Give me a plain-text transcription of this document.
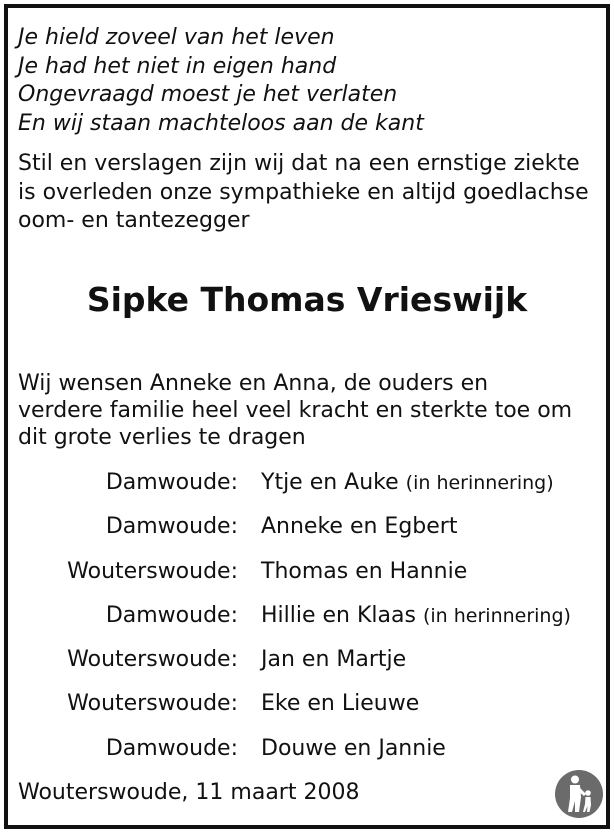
Je hield zoveel van het leven
Je had het niet in eigen hand
Ongevraagd moest je het verlaten
En wij staan machteloos aan de kant
Stil en verslagen zijn wij dat na een ernstige ziekte
is overleden onze sympathieke en altijd goedlachse
oom- en tantezegger
Sipke Thomas Vrieswijk
Wij wensen Anneke en Anna, de ouders en
verdere familie heel veel kracht en sterkte toe om
dit grote verlies te dragen
Damwoude: Ytje en Auke (in herinnering)
Damwoude: Anneke en Egbert
Wouterswoude: Thomas en Hannie
Damwoude: Hillie en Klaas (in herinnering)
Wouterswoude: Jan en Martje
Wouterswoude: Eke en Lieuwe
Damwoude: Douwe en Jannie
Wouterswoude, 11 maart 2008
